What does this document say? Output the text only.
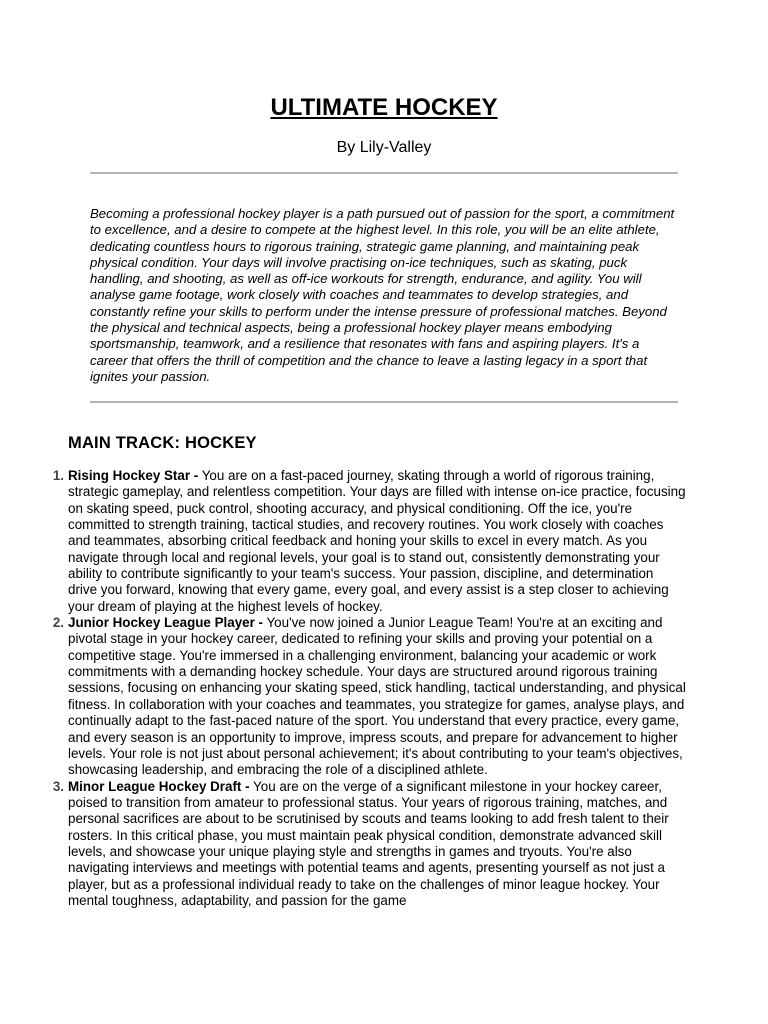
ULTIMATE HOCKEY

By Lily-Valley

Becoming a professional hockey player is a path pursued out of passion for the sport, a commitment to excellence, and a desire to compete at the highest level. In this role, you will be an elite athlete, dedicating countless hours to rigorous training, strategic game planning, and maintaining peak physical condition. Your days will involve practising on-ice techniques, such as skating, puck handling, and shooting, as well as off-ice workouts for strength, endurance, and agility. You will analyse game footage, work closely with coaches and teammates to develop strategies, and constantly refine your skills to perform under the intense pressure of professional matches. Beyond the physical and technical aspects, being a professional hockey player means embodying sportsmanship, teamwork, and a resilience that resonates with fans and aspiring players. It's a career that offers the thrill of competition and the chance to leave a lasting legacy in a sport that ignites your passion.

MAIN TRACK: HOCKEY
1. Rising Hockey Star - You are on a fast-paced journey, skating through a world of rigorous training, strategic gameplay, and relentless competition. Your days are filled with intense on-ice practice, focusing on skating speed, puck control, shooting accuracy, and physical conditioning. Off the ice, you're committed to strength training, tactical studies, and recovery routines. You work closely with coaches and teammates, absorbing critical feedback and honing your skills to excel in every match. As you navigate through local and regional levels, your goal is to stand out, consistently demonstrating your ability to contribute significantly to your team's success. Your passion, discipline, and determination drive you forward, knowing that every game, every goal, and every assist is a step closer to achieving your dream of playing at the highest levels of hockey.
2. Junior Hockey League Player - You've now joined a Junior League Team! You're at an exciting and pivotal stage in your hockey career, dedicated to refining your skills and proving your potential on a competitive stage. You're immersed in a challenging environment, balancing your academic or work commitments with a demanding hockey schedule. Your days are structured around rigorous training sessions, focusing on enhancing your skating speed, stick handling, tactical understanding, and physical fitness. In collaboration with your coaches and teammates, you strategize for games, analyse plays, and continually adapt to the fast-paced nature of the sport. You understand that every practice, every game, and every season is an opportunity to improve, impress scouts, and prepare for advancement to higher levels. Your role is not just about personal achievement; it's about contributing to your team's objectives, showcasing leadership, and embracing the role of a disciplined athlete.
3. Minor League Hockey Draft - You are on the verge of a significant milestone in your hockey career, poised to transition from amateur to professional status. Your years of rigorous training, matches, and personal sacrifices are about to be scrutinised by scouts and teams looking to add fresh talent to their rosters. In this critical phase, you must maintain peak physical condition, demonstrate advanced skill levels, and showcase your unique playing style and strengths in games and tryouts. You're also navigating interviews and meetings with potential teams and agents, presenting yourself as not just a player, but as a professional individual ready to take on the challenges of minor league hockey. Your mental toughness, adaptability, and passion for the game
